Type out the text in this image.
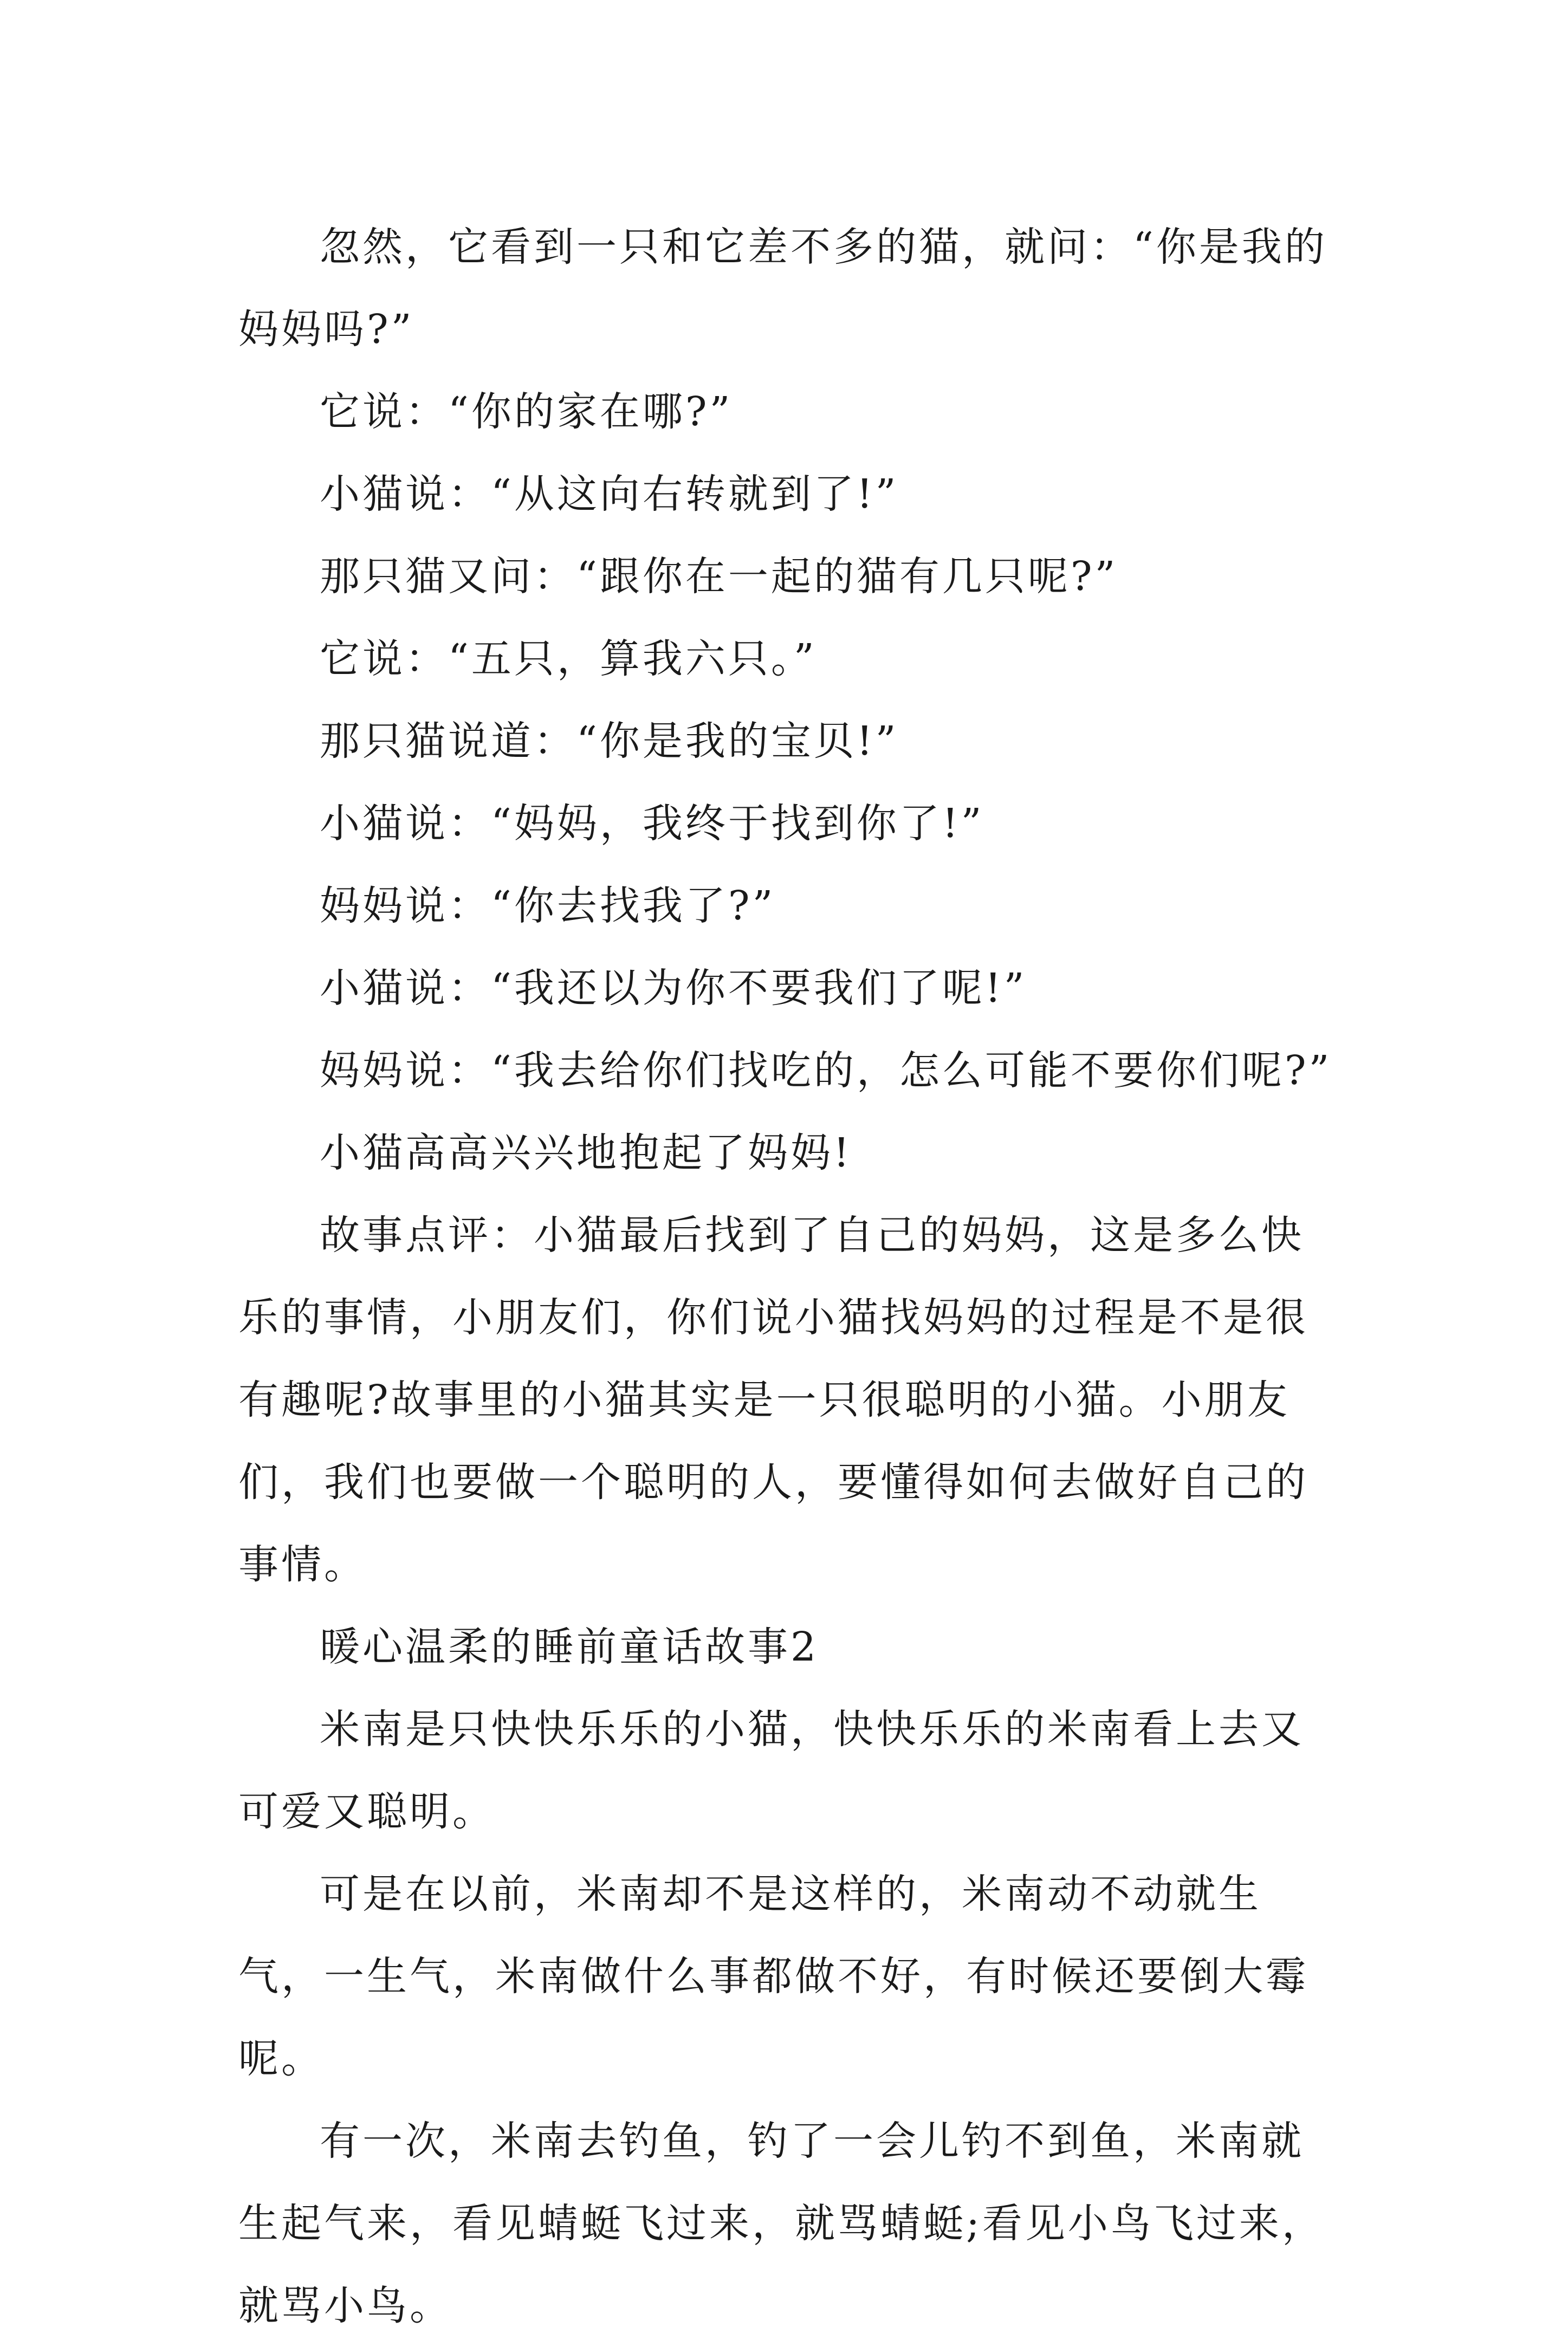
忽然，它看到一只和它差不多的猫，就问：“你是我的妈妈吗?”

它说：“你的家在哪?”

小猫说：“从这向右转就到了!”

那只猫又问：“跟你在一起的猫有几只呢?”

它说：“五只，算我六只。”

那只猫说道：“你是我的宝贝!”

小猫说：“妈妈，我终于找到你了!”

妈妈说：“你去找我了?”

小猫说：“我还以为你不要我们了呢!”

妈妈说：“我去给你们找吃的，怎么可能不要你们呢?”

小猫高高兴兴地抱起了妈妈!

故事点评：小猫最后找到了自己的妈妈，这是多么快乐的事情，小朋友们，你们说小猫找妈妈的过程是不是很有趣呢?故事里的小猫其实是一只很聪明的小猫。小朋友们，我们也要做一个聪明的人，要懂得如何去做好自己的事情。

暖心温柔的睡前童话故事2

米南是只快快乐乐的小猫，快快乐乐的米南看上去又可爱又聪明。

可是在以前，米南却不是这样的，米南动不动就生气，一生气，米南做什么事都做不好，有时候还要倒大霉呢。

有一次，米南去钓鱼，钓了一会儿钓不到鱼，米南就生起气来，看见蜻蜓飞过来，就骂蜻蜓;看见小鸟飞过来，就骂小鸟。
